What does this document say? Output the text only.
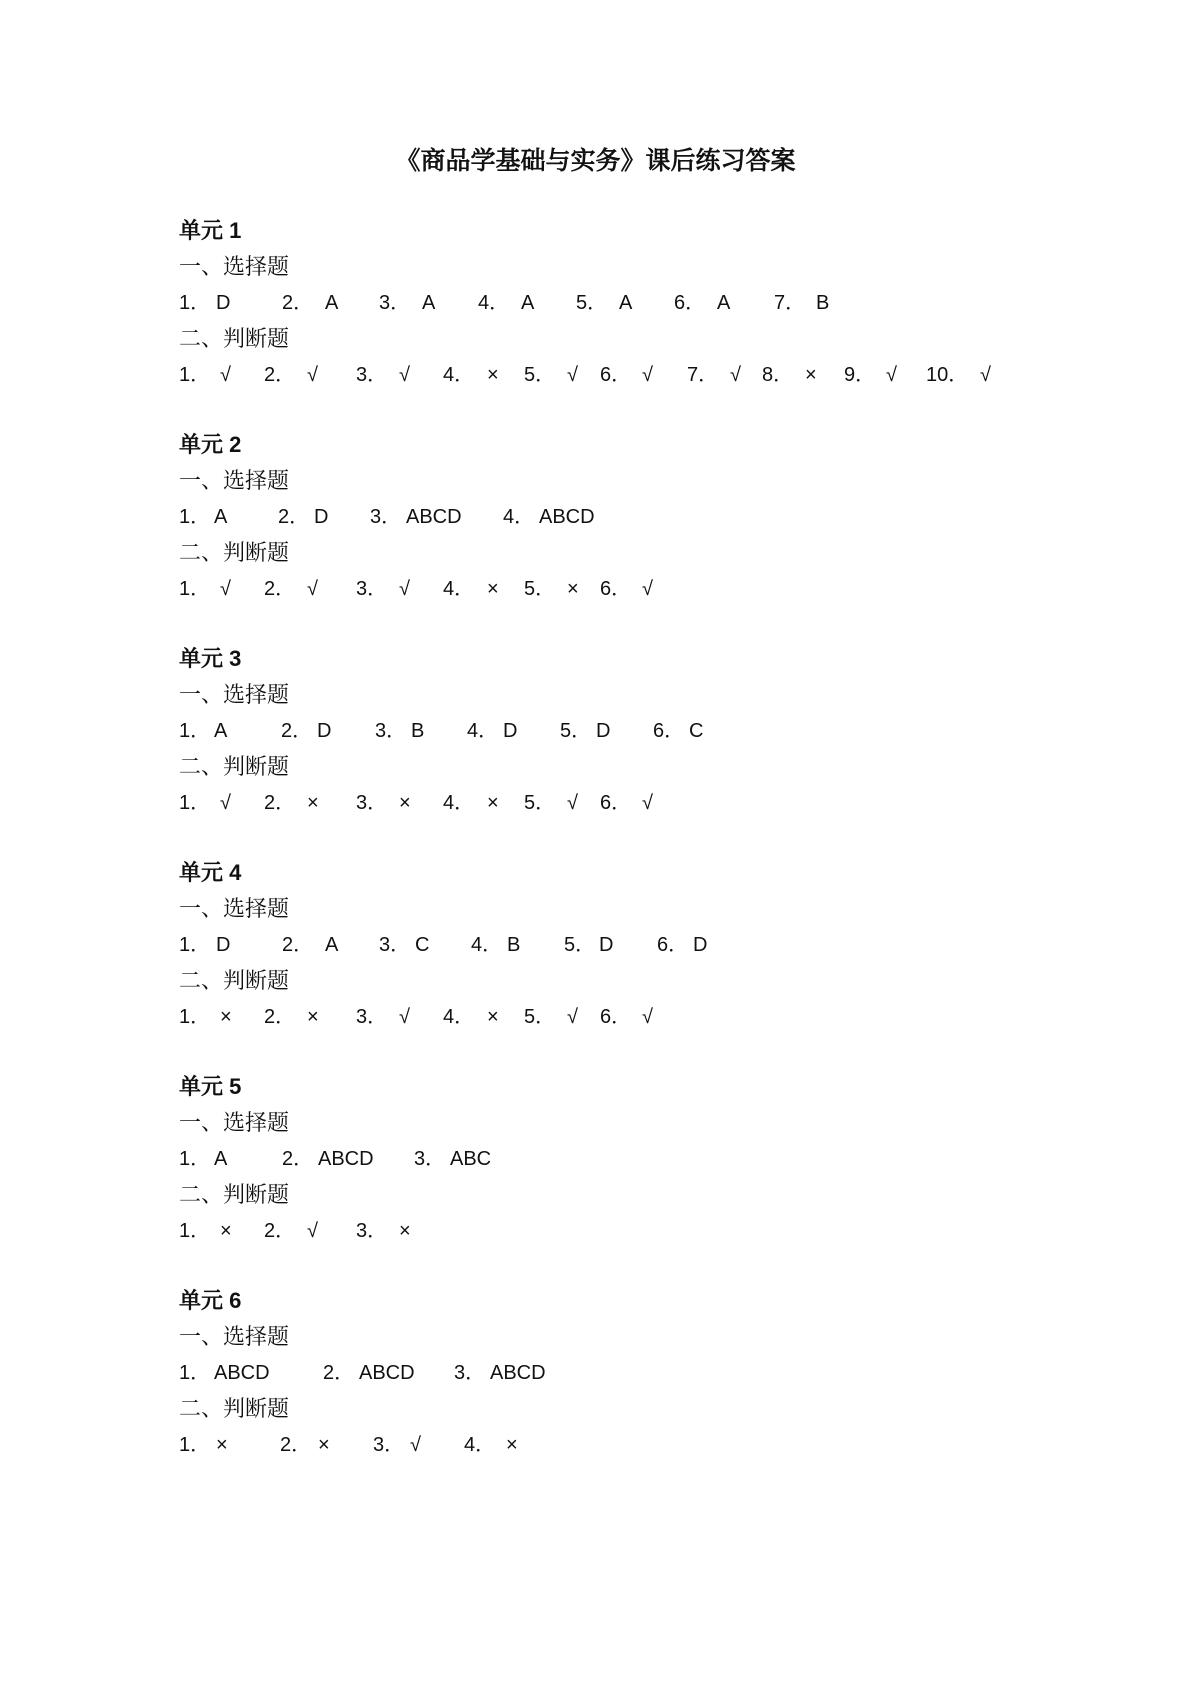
《商品学基础与实务》课后练习答案
单元 1
一、选择题
1． D	2． A 3． A 4． A 5． A 6． A 7． B
二、判断题
1． √ 2． √ 3． √ 4． × 5． √ 6． √ 7． √ 8． × 9． √ 10． √
单元 2
一、选择题
1． A	2． D 3． ABCD 4． ABCD
二、判断题
1． √ 2． √ 3． √ 4． × 5． × 6． √
单元 3
一、选择题
1． A	2． D 3． B 4． D 5． D 6． C
二、判断题
1． √ 2． × 3． × 4． × 5． √ 6． √
单元 4
一、选择题
1． D	2． A 3． C 4． B 5． D 6． D
二、判断题
1． × 2． × 3． √ 4． × 5． √ 6． √
单元 5
一、选择题
1． A	2． ABCD 3． ABC
二、判断题
1． × 2． √ 3． ×
单元 6
一、选择题
1． ABCD	2． ABCD 3． ABCD
二、判断题
1． ×	2． × 3． √ 4． ×
